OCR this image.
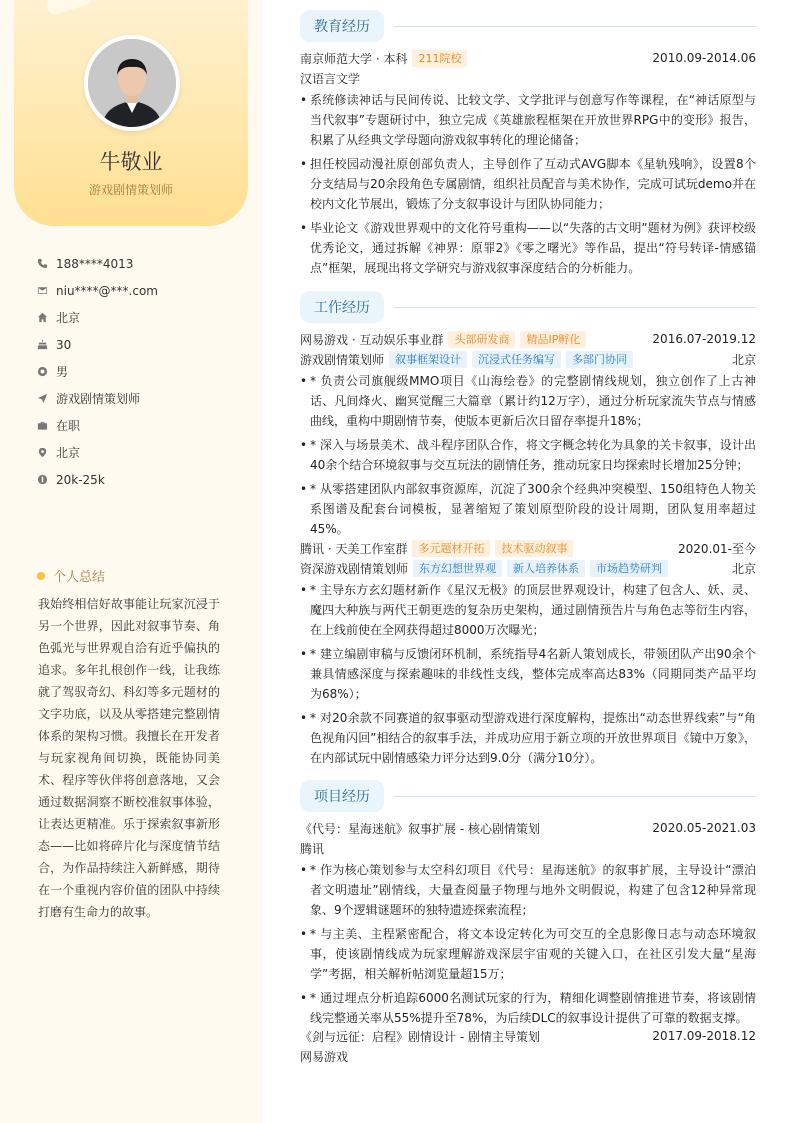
牛敬业
游戏剧情策划师
188****4013
niu****@***.com
北京
30
男
游戏剧情策划师
在职
北京
20k-25k
个人总结
我始终相信好故事能让玩家沉浸于另一个世界，因此对叙事节奏、角色弧光与世界观自洽有近乎偏执的追求。多年扎根创作一线，让我练就了驾驭奇幻、科幻等多元题材的文字功底，以及从零搭建完整剧情体系的架构习惯。我擅长在开发者与玩家视角间切换，既能协同美术、程序等伙伴将创意落地，又会通过数据洞察不断校准叙事体验，让表达更精准。乐于探索叙事新形态——比如将碎片化与深度情节结合，为作品持续注入新鲜感，期待在一个重视内容价值的团队中持续打磨有生命力的故事。
教育经历
南京师范大学 · 本科	211院校	2010.09-2014.06
汉语言文学
• 系统修读神话与民间传说、比较文学、文学批评与创意写作等课程，在“神话原型与当代叙事”专题研讨中，独立完成《英雄旅程框架在开放世界RPG中的变形》报告，积累了从经典文学母题向游戏叙事转化的理论储备；
• 担任校园动漫社原创部负责人，主导创作了互动式AVG脚本《星轨残响》，设置8个分支结局与20余段角色专属剧情，组织社员配音与美术协作，完成可试玩demo并在校内文化节展出，锻炼了分支叙事设计与团队协同能力；
• 毕业论文《游戏世界观中的文化符号重构——以“失落的古文明”题材为例》获评校级优秀论文，通过拆解《神界：原罪2》《零之曙光》等作品，提出“符号转译-情感锚点”框架，展现出将文学研究与游戏叙事深度结合的分析能力。
工作经历
网易游戏 · 互动娱乐事业群	头部研发商	精品IP孵化	2016.07-2019.12
游戏剧情策划师	叙事框架设计	沉浸式任务编写	多部门协同	北京
• * 负责公司旗舰级MMO项目《山海绘卷》的完整剧情线规划，独立创作了上古神话、凡间烽火、幽冥觉醒三大篇章（累计约12万字），通过分析玩家流失节点与情感曲线，重构中期剧情节奏，使版本更新后次日留存率提升18%；
• * 深入与场景美术、战斗程序团队合作，将文字概念转化为具象的关卡叙事，设计出40余个结合环境叙事与交互玩法的剧情任务，推动玩家日均探索时长增加25分钟；
• * 从零搭建团队内部叙事资源库，沉淀了300余个经典冲突模型、150组特色人物关系图谱及配套台词模板，显著缩短了策划原型阶段的设计周期，团队复用率超过45%。
腾讯 · 天美工作室群	多元题材开拓	技术驱动叙事	2020.01-至今
资深游戏剧情策划师	东方幻想世界观	新人培养体系	市场趋势研判	北京
• * 主导东方玄幻题材新作《星汉无极》的顶层世界观设计，构建了包含人、妖、灵、魔四大种族与两代王朝更迭的复杂历史架构，通过剧情预告片与角色志等衍生内容，在上线前使在全网获得超过8000万次曝光；
• * 建立编剧审稿与反馈闭环机制，系统指导4名新人策划成长，带领团队产出90余个兼具情感深度与探索趣味的非线性支线，整体完成率高达83%（同期同类产品平均为68%）；
• * 对20余款不同赛道的叙事驱动型游戏进行深度解构，提炼出“动态世界线索”与“角色视角闪回”相结合的叙事手法，并成功应用于新立项的开放世界项目《镜中万象》，在内部试玩中剧情感染力评分达到9.0分（满分10分）。
项目经历
《代号：星海迷航》叙事扩展 - 核心剧情策划	2020.05-2021.03
腾讯
• * 作为核心策划参与太空科幻项目《代号：星海迷航》的叙事扩展，主导设计“漂泊者文明遗址”剧情线，大量查阅量子物理与地外文明假说，构建了包含12种异常现象、9个逻辑谜题环的独特遗迹探索流程；
• * 与主美、主程紧密配合，将文本设定转化为可交互的全息影像日志与动态环境叙事，使该剧情线成为玩家理解游戏深层宇宙观的关键入口，在社区引发大量“星海学”考据，相关解析帖浏览量超15万；
• * 通过埋点分析追踪6000名测试玩家的行为，精细化调整剧情推进节奏，将该剧情线完整通关率从55%提升至78%，为后续DLC的叙事设计提供了可靠的数据支撑。
《剑与远征：启程》剧情设计 - 剧情主导策划	2017.09-2018.12
网易游戏
